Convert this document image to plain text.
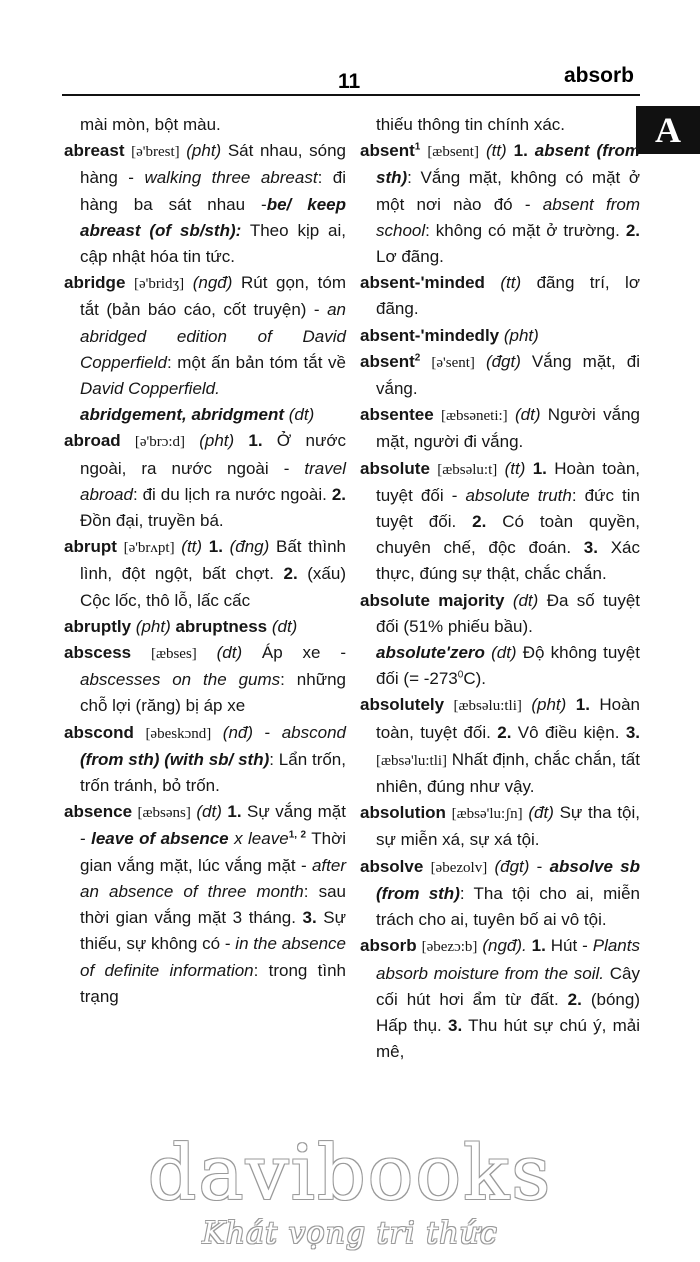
11	absorb
A

mài mòn, bột màu.

abreast [ə'brest] (pht) Sát nhau, sóng hàng - walking three abreast: đi hàng ba sát nhau -be/ keep abreast (of sb/sth): Theo kịp ai, cập nhật hóa tin tức.

abridge [ə'bridʒ] (ngđ) Rút gọn, tóm tắt (bản báo cáo, cốt truyện) - an abridged edition of David Copperfield: một ấn bản tóm tắt về David Copperfield.
abridgement, abridgment (dt)

abroad [ə'brɔ:d] (pht) 1. Ở nước ngoài, ra nước ngoài - travel abroad: đi du lịch ra nước ngoài. 2. Đồn đại, truyền bá.

abrupt [ə'brʌpt] (tt) 1. (đng) Bất thình lình, đột ngột, bất chợt. 2. (xấu) Cộc lốc, thô lỗ, lấc cấc

abruptly (pht) abruptness (dt)

abscess [æbses] (dt) Áp xe - abscesses on the gums: những chỗ lợi (răng) bị áp xe

abscond [əbeskɔnd] (nđ) - abscond (from sth) (with sb/ sth): Lẩn trốn, trốn tránh, bỏ trốn.

absence [æbsəns] (dt) 1. Sự vắng mặt - leave of absence x leave$^{1, 2}$ Thời gian vắng mặt, lúc vắng mặt - after an absence of three month: sau thời gian vắng mặt 3 tháng. 3. Sự thiếu, sự không có - in the absence of definite information: trong tình trạng

thiếu thông tin chính xác.

absent$^1$ [æbsent] (tt) 1. absent (from sth): Vắng mặt, không có mặt ở một nơi nào đó - absent from school: không có mặt ở trường. 2. Lơ đãng.

absent-'minded (tt) đãng trí, lơ đãng.

absent-'mindedly (pht)

absent$^2$ [ə'sent] (đgt) Vắng mặt, đi vắng.

absentee [æbsəneti:] (dt) Người vắng mặt, người đi vắng.

absolute [æbsəlu:t] (tt) 1. Hoàn toàn, tuyệt đối - absolute truth: đức tin tuyệt đối. 2. Có toàn quyền, chuyên chế, độc đoán. 3. Xác thực, đúng sự thật, chắc chắn.

absolute majority (dt) Đa số tuyệt đối (51% phiếu bầu).
absolute'zero (dt) Độ không tuyệt đối (= $-273^0C$).

absolutely [æbsəlu:tli] (pht) 1. Hoàn toàn, tuyệt đối. 2. Vô điều kiện. 3. [æbsə'lu:tli] Nhất định, chắc chắn, tất nhiên, đúng như vậy.

absolution [æbsə'lu:ʃn] (đt) Sự tha tội, sự miễn xá, sự xá tội.

absolve [əbezolv] (đgt) - absolve sb (from sth): Tha tội cho ai, miễn trách cho ai, tuyên bố ai vô tội.

absorb [əbezɔ:b] (ngđ). 1. Hút - Plants absorb moisture from the soil. Cây cối hút hơi ẩm từ đất. 2. (bóng) Hấp thụ. 3. Thu hút sự chú ý, mải mê,

davibooks
Khát vọng tri thức
